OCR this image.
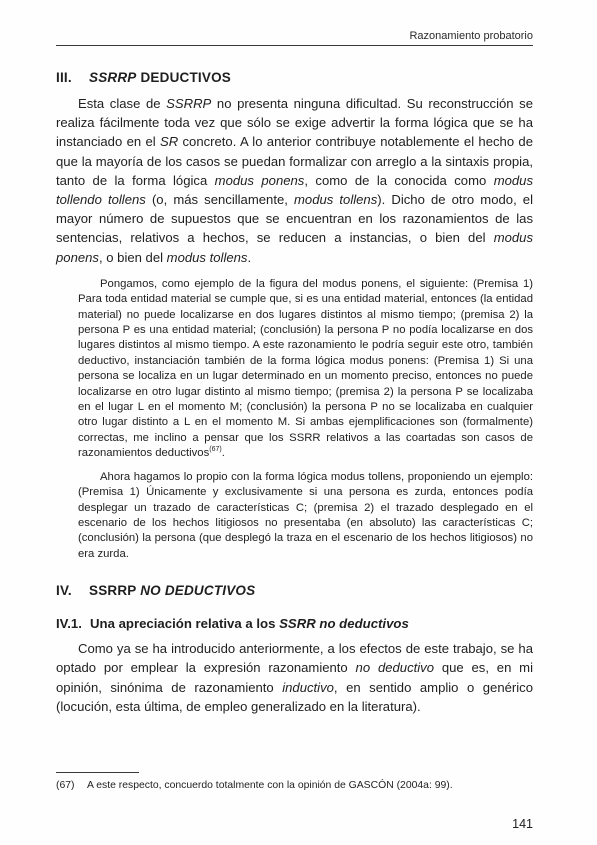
Razonamiento probatorio
III. SSRRP DEDUCTIVOS

Esta clase de SSRRP no presenta ninguna dificultad. Su reconstrucción se realiza fácilmente toda vez que sólo se exige advertir la forma lógica que se ha instanciado en el SR concreto. A lo anterior contribuye notablemente el hecho de que la mayoría de los casos se puedan formalizar con arreglo a la sintaxis propia, tanto de la forma lógica modus ponens, como de la conocida como modus tollendo tollens (o, más sencillamente, modus tollens). Dicho de otro modo, el mayor número de supuestos que se encuentran en los razonamientos de las sentencias, relativos a hechos, se reducen a instancias, o bien del modus ponens, o bien del modus tollens.

Pongamos, como ejemplo de la figura del modus ponens, el siguiente: (Premisa 1) Para toda entidad material se cumple que, si es una entidad material, entonces (la entidad material) no puede localizarse en dos lugares distintos al mismo tiempo; (premisa 2) la persona P es una entidad material; (conclusión) la persona P no podía localizarse en dos lugares distintos al mismo tiempo. A este razonamiento le podría seguir este otro, también deductivo, instanciación también de la forma lógica modus ponens: (Premisa 1) Si una persona se localiza en un lugar determinado en un momento preciso, entonces no puede localizarse en otro lugar distinto al mismo tiempo; (premisa 2) la persona P se localizaba en el lugar L en el momento M; (conclusión) la persona P no se localizaba en cualquier otro lugar distinto a L en el momento M. Si ambas ejemplificaciones son (formalmente) correctas, me inclino a pensar que los SSRR relativos a las coartadas son casos de razonamientos deductivos$^{(67)}$.

Ahora hagamos lo propio con la forma lógica modus tollens, proponiendo un ejemplo: (Premisa 1) Únicamente y exclusivamente si una persona es zurda, entonces podía desplegar un trazado de características C; (premisa 2) el trazado desplegado en el escenario de los hechos litigiosos no presentaba (en absoluto) las características C; (conclusión) la persona (que desplegó la traza en el escenario de los hechos litigiosos) no era zurda.

IV. SSRRP NO DEDUCTIVOS
IV.1. Una apreciación relativa a los SSRR no deductivos

Como ya se ha introducido anteriormente, a los efectos de este trabajo, se ha optado por emplear la expresión razonamiento no deductivo que es, en mi opinión, sinónima de razonamiento inductivo, en sentido amplio o genérico (locución, esta última, de empleo generalizado en la literatura).

(67) A este respecto, concuerdo totalmente con la opinión de GASCÓN (2004a: 99).
141
